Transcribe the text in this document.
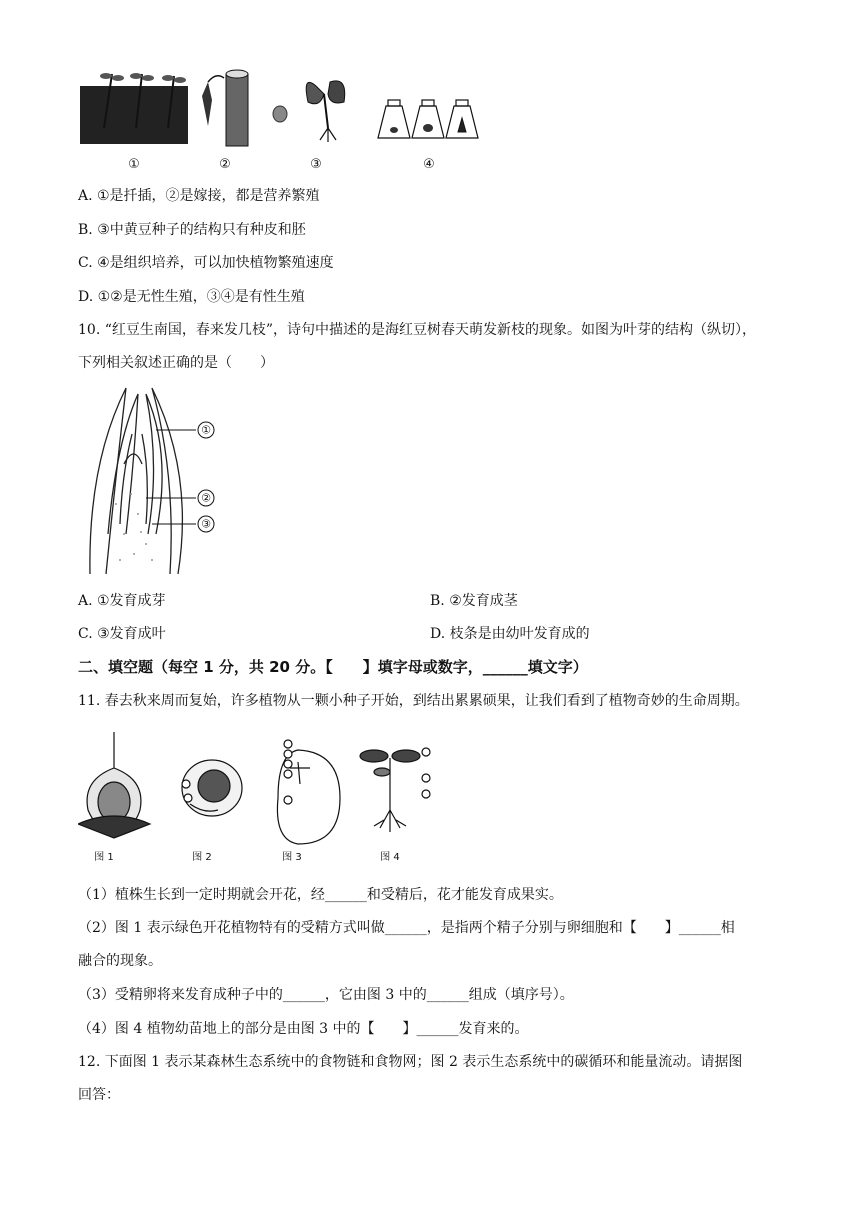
①	②	③	④
A. ①是扦插，②是嫁接，都是营养繁殖
B. ③中黄豆种子的结构只有种皮和胚
C. ④是组织培养，可以加快植物繁殖速度
D. ①②是无性生殖，③④是有性生殖
10. “红豆生南国，春来发几枝”，诗句中描述的是海红豆树春天萌发新枝的现象。如图为叶芽的结构（纵切），
下列相关叙述正确的是（　　）
①
②
③
A. ①发育成芽	B. ②发育成茎
C. ③发育成叶	D. 枝条是由幼叶发育成的
二、填空题（每空 1 分，共 20 分。【　　】填字母或数字，______填文字）
11. 春去秋来周而复始，许多植物从一颗小种子开始，到结出累累硕果，让我们看到了植物奇妙的生命周期。
图 1	图 2	图 3	图 4
（1）植株生长到一定时期就会开花，经______和受精后，花才能发育成果实。
（2）图 1 表示绿色开花植物特有的受精方式叫做______，是指两个精子分别与卵细胞和【　　】______相
融合的现象。
（3）受精卵将来发育成种子中的______，它由图 3 中的______组成（填序号）。
（4）图 4 植物幼苗地上的部分是由图 3 中的【　　】______发育来的。
12. 下面图 1 表示某森林生态系统中的食物链和食物网；图 2 表示生态系统中的碳循环和能量流动。请据图
回答：
